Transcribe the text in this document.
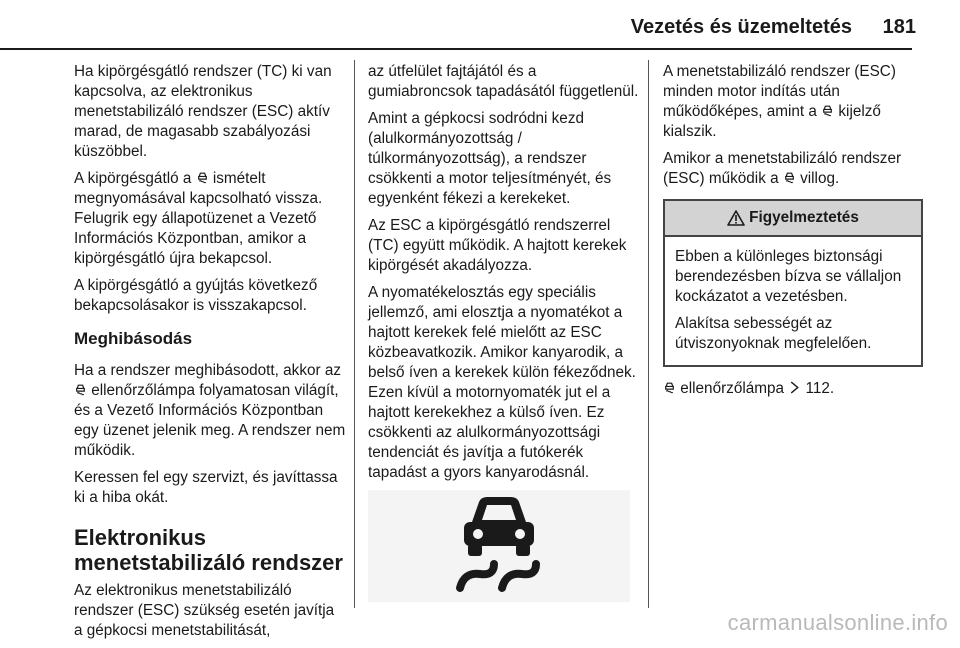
Vezetés és üzemeltetés 181

Ha kipörgésgátló rendszer (TC) ki van kapcsolva, az elektronikus menetstabilizáló rendszer (ESC) aktív marad, de magasabb szabályozási küszöbbel.

A kipörgésgátló a  ismételt megnyomásával kapcsolható vissza. Felugrik egy állapotüzenet a Vezető Információs Központban, amikor a kipörgésgátló újra bekapcsol.

A kipörgésgátló a gyújtás következő bekapcsolásakor is visszakapcsol.

Meghibásodás

Ha a rendszer meghibásodott, akkor az  ellenőrzőlámpa folyamatosan világít, és a Vezető Információs Központban egy üzenet jelenik meg. A rendszer nem működik.

Keressen fel egy szervizt, és javíttassa ki a hiba okát.

Elektronikus menetstabilizáló rendszer

Az elektronikus menetstabilizáló rendszer (ESC) szükség esetén javítja a gépkocsi menetstabilitását,

az útfelület fajtájától és a gumiabroncsok tapadásától függetlenül.

Amint a gépkocsi sodródni kezd (alulkormányozottság / túlkormányozottság), a rendszer csökkenti a motor teljesítményét, és egyenként fékezi a kerekeket.

Az ESC a kipörgésgátló rendszerrel (TC) együtt működik. A hajtott kerekek kipörgését akadályozza.

A nyomatékelosztás egy speciális jellemző, ami elosztja a nyomatékot a hajtott kerekek felé mielőtt az ESC közbeavatkozik. Amikor kanyarodik, a belső íven a kerekek külön fékeződnek. Ezen kívül a motornyomaték jut el a hajtott kerekekhez a külső íven. Ez csökkenti az alulkormányozottsági tendenciát és javítja a futókerék tapadást a gyors kanyarodásnál.

A menetstabilizáló rendszer (ESC) minden motor indítás után működőképes, amint a  kijelző kialszik.

Amikor a menetstabilizáló rendszer (ESC) működik a  villog.

Figyelmeztetés

Ebben a különleges biztonsági berendezésben bízva se vállaljon kockázatot a vezetésben.

Alakítsa sebességét az útviszonyoknak megfelelően.

ellenőrzőlámpa  112.

carmanualsonline.info
